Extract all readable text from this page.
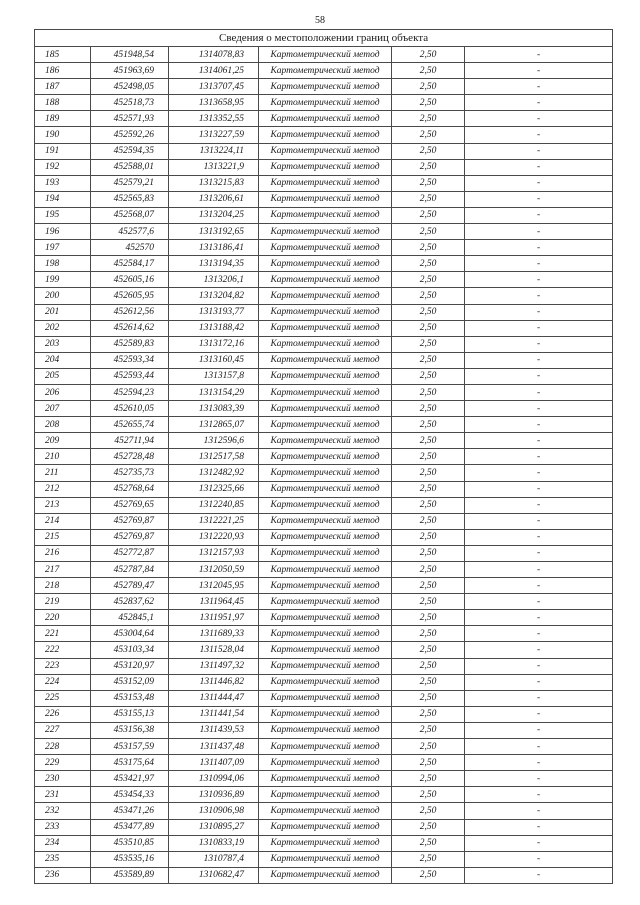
58
Сведения о местоположении границ объекта					
185	451948,54	1314078,83	Картометрический метод	2,50	-
186	451963,69	1314061,25	Картометрический метод	2,50	-
187	452498,05	1313707,45	Картометрический метод	2,50	-
188	452518,73	1313658,95	Картометрический метод	2,50	-
189	452571,93	1313352,55	Картометрический метод	2,50	-
190	452592,26	1313227,59	Картометрический метод	2,50	-
191	452594,35	1313224,11	Картометрический метод	2,50	-
192	452588,01	1313221,9	Картометрический метод	2,50	-
193	452579,21	1313215,83	Картометрический метод	2,50	-
194	452565,83	1313206,61	Картометрический метод	2,50	-
195	452568,07	1313204,25	Картометрический метод	2,50	-
196	452577,6	1313192,65	Картометрический метод	2,50	-
197	452570	1313186,41	Картометрический метод	2,50	-
198	452584,17	1313194,35	Картометрический метод	2,50	-
199	452605,16	1313206,1	Картометрический метод	2,50	-
200	452605,95	1313204,82	Картометрический метод	2,50	-
201	452612,56	1313193,77	Картометрический метод	2,50	-
202	452614,62	1313188,42	Картометрический метод	2,50	-
203	452589,83	1313172,16	Картометрический метод	2,50	-
204	452593,34	1313160,45	Картометрический метод	2,50	-
205	452593,44	1313157,8	Картометрический метод	2,50	-
206	452594,23	1313154,29	Картометрический метод	2,50	-
207	452610,05	1313083,39	Картометрический метод	2,50	-
208	452655,74	1312865,07	Картометрический метод	2,50	-
209	452711,94	1312596,6	Картометрический метод	2,50	-
210	452728,48	1312517,58	Картометрический метод	2,50	-
211	452735,73	1312482,92	Картометрический метод	2,50	-
212	452768,64	1312325,66	Картометрический метод	2,50	-
213	452769,65	1312240,85	Картометрический метод	2,50	-
214	452769,87	1312221,25	Картометрический метод	2,50	-
215	452769,87	1312220,93	Картометрический метод	2,50	-
216	452772,87	1312157,93	Картометрический метод	2,50	-
217	452787,84	1312050,59	Картометрический метод	2,50	-
218	452789,47	1312045,95	Картометрический метод	2,50	-
219	452837,62	1311964,45	Картометрический метод	2,50	-
220	452845,1	1311951,97	Картометрический метод	2,50	-
221	453004,64	1311689,33	Картометрический метод	2,50	-
222	453103,34	1311528,04	Картометрический метод	2,50	-
223	453120,97	1311497,32	Картометрический метод	2,50	-
224	453152,09	1311446,82	Картометрический метод	2,50	-
225	453153,48	1311444,47	Картометрический метод	2,50	-
226	453155,13	1311441,54	Картометрический метод	2,50	-
227	453156,38	1311439,53	Картометрический метод	2,50	-
228	453157,59	1311437,48	Картометрический метод	2,50	-
229	453175,64	1311407,09	Картометрический метод	2,50	-
230	453421,97	1310994,06	Картометрический метод	2,50	-
231	453454,33	1310936,89	Картометрический метод	2,50	-
232	453471,26	1310906,98	Картометрический метод	2,50	-
233	453477,89	1310895,27	Картометрический метод	2,50	-
234	453510,85	1310833,19	Картометрический метод	2,50	-
235	453535,16	1310787,4	Картометрический метод	2,50	-
236	453589,89	1310682,47	Картометрический метод	2,50	-
